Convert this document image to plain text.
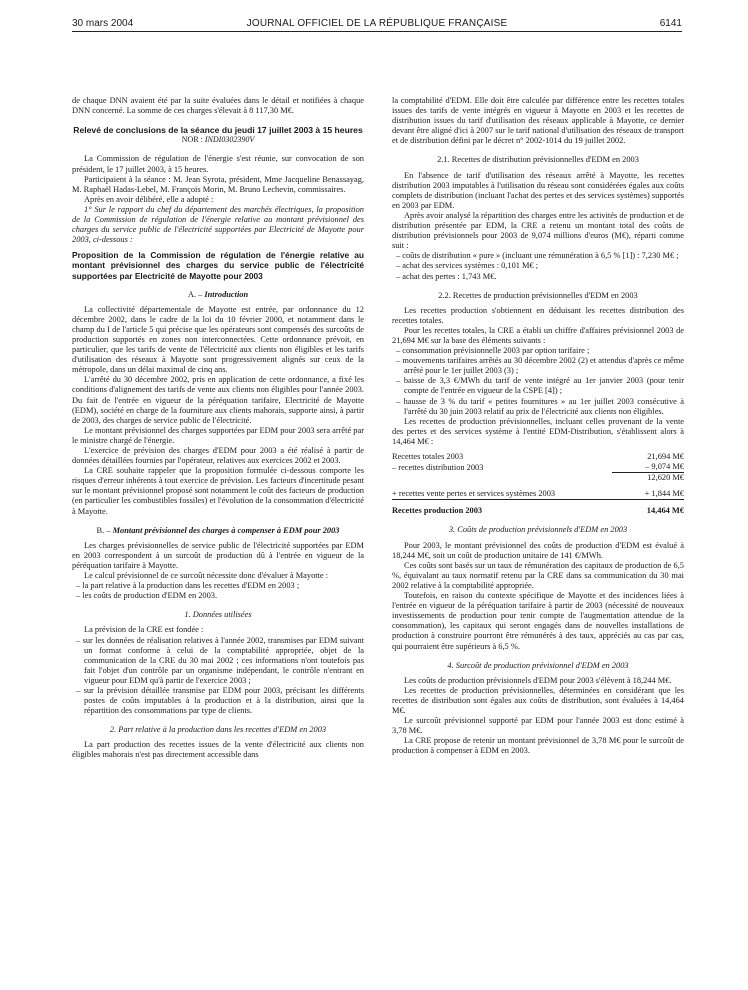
30 mars 2004	JOURNAL OFFICIEL DE LA RÉPUBLIQUE FRANÇAISE	6141

de chaque DNN avaient été par la suite évaluées dans le détail et notifiées à chaque DNN concerné. La somme de ces charges s'élevait à 8 117,30 M€.

Relevé de conclusions de la séance du jeudi 17 juillet 2003 à 15 heures
NOR : INDI0302390V

La Commission de régulation de l'énergie s'est réunie, sur convocation de son président, le 17 juillet 2003, à 15 heures.

Participaient à la séance : M. Jean Syrota, président, Mme Jacqueline Benassayag, M. Raphaël Hadas-Lebel, M. François Morin, M. Bruno Lechevin, commissaires.

Après en avoir délibéré, elle a adopté :

1° Sur le rapport du chef du département des marchés électriques, la proposition de la Commission de régulation de l'énergie relative au montant prévisionnel des charges du service public de l'électricité supportées par Electricité de Mayotte pour 2003, ci-dessous :

Proposition de la Commission de régulation de l'énergie relative au montant prévisionnel des charges du service public de l'électricité supportées par Electricité de Mayotte pour 2003

A. – Introduction

La collectivité départementale de Mayotte est entrée, par ordonnance du 12 décembre 2002, dans le cadre de la loi du 10 février 2000, et notamment dans le champ du I de l'article 5 qui précise que les opérateurs sont compensés des surcoûts de production supportés en zones non interconnectées. Cette ordonnance prévoit, en particulier, que les tarifs de vente de l'électricité aux clients non éligibles et les tarifs d'utilisation des réseaux à Mayotte sont progressivement alignés sur ceux de la métropole, dans un délai maximal de cinq ans.

L'arrêté du 30 décembre 2002, pris en application de cette ordonnance, a fixé les conditions d'alignement des tarifs de vente aux clients non éligibles pour l'année 2003. Du fait de l'entrée en vigueur de la péréquation tarifaire, Electricité de Mayotte (EDM), société en charge de la fourniture aux clients mahorais, supporte ainsi, à partir de 2003, des charges de service public de l'électricité.

Le montant prévisionnel des charges supportées par EDM pour 2003 sera arrêté par le ministre chargé de l'énergie.

L'exercice de prévision des charges d'EDM pour 2003 a été réalisé à partir de données détaillées fournies par l'opérateur, relatives aux exercices 2002 et 2003.

La CRE souhaite rappeler que la proposition formulée ci-dessous comporte les risques d'erreur inhérents à tout exercice de prévision. Les facteurs d'incertitude pesant sur le montant prévisionnel proposé sont notamment le coût des facteurs de production (en particulier les combustibles fossiles) et l'évolution de la consommation d'électricité à Mayotte.

B. – Montant prévisionnel des charges à compenser à EDM pour 2003

Les charges prévisionnelles de service public de l'électricité supportées par EDM en 2003 correspondent à un surcoût de production dû à l'entrée en vigueur de la péréquation tarifaire à Mayotte.

Le calcul prévisionnel de ce surcoût nécessite donc d'évaluer à Mayotte :

– la part relative à la production dans les recettes d'EDM en 2003 ;
– les coûts de production d'EDM en 2003.

1. Données utilisées

La prévision de la CRE est fondée :

– sur les données de réalisation relatives à l'année 2002, transmises par EDM suivant un format conforme à celui de la comptabilité appropriée, objet de la communication de la CRE du 30 mai 2002 ; ces informations n'ont toutefois pas fait l'objet d'un contrôle par un organisme indépendant, le contrôle n'entrant en vigueur pour EDM qu'à partir de l'exercice 2003 ;
– sur la prévision détaillée transmise par EDM pour 2003, précisant les différents postes de coûts imputables à la production et à la distribution, ainsi que la répartition des consommations par type de clients.

2. Part relative à la production dans les recettes d'EDM en 2003

La part production des recettes issues de la vente d'électricité aux clients non éligibles mahorais n'est pas directement accessible dans

la comptabilité d'EDM. Elle doit être calculée par différence entre les recettes totales issues des tarifs de vente intégrés en vigueur à Mayotte en 2003 et les recettes de distribution issues du tarif d'utilisation des réseaux applicable à Mayotte, ce dernier devant être aligné d'ici à 2007 sur le tarif national d'utilisation des réseaux de transport et de distribution défini par le décret n° 2002-1014 du 19 juillet 2002.

2.1. Recettes de distribution prévisionnelles d'EDM en 2003

En l'absence de tarif d'utilisation des réseaux arrêté à Mayotte, les recettes distribution 2003 imputables à l'utilisation du réseau sont considérées égales aux coûts complets de distribution (incluant l'achat des pertes et des services systèmes) supportés en 2003 par EDM.

Après avoir analysé la répartition des charges entre les activités de production et de distribution présentée par EDM, la CRE a retenu un montant total des coûts de distribution prévisionnels pour 2003 de 9,074 millions d'euros (M€), réparti comme suit :

– coûts de distribution « pure » (incluant une rémunération à 6,5 % [1]) : 7,230 M€ ;
– achat des services systèmes : 0,101 M€ ;
– achat des pertes : 1,743 M€.

2.2. Recettes de production prévisionnelles d'EDM en 2003

Les recettes production s'obtiennent en déduisant les recettes distribution des recettes totales.

Pour les recettes totales, la CRE a établi un chiffre d'affaires prévisionnel 2003 de 21,694 M€ sur la base des éléments suivants :

– consommation prévisionnelle 2003 par option tarifaire ;
– mouvements tarifaires arrêtés au 30 décembre 2002 (2) et attendus d'après ce même arrêté pour le 1er juillet 2003 (3) ;
– baisse de 3,3 €/MWh du tarif de vente intégré au 1er janvier 2003 (pour tenir compte de l'entrée en vigueur de la CSPE [4]) ;
– hausse de 3 % du tarif « petites fournitures » au 1er juillet 2003 consécutive à l'arrêté du 30 juin 2003 relatif au prix de l'électricité aux clients non éligibles.

Les recettes de production prévisionnelles, incluant celles provenant de la vente des pertes et des services système à l'entité EDM-Distribution, s'établissent alors à 14,464 M€ :

Recettes totales 2003	21,694 M€
– recettes distribution 2003	– 9,074 M€
	12,620 M€
+ recettes vente pertes et services systèmes 2003	+ 1,844 M€
Recettes production 2003	14,464 M€

3. Coûts de production prévisionnels d'EDM en 2003

Pour 2003, le montant prévisionnel des coûts de production d'EDM est évalué à 18,244 M€, soit un coût de production unitaire de 141 €/MWh.

Ces coûts sont basés sur un taux de rémunération des capitaux de production de 6,5 %, équivalant au taux normatif retenu par la CRE dans sa communication du 30 mai 2002 relative à la comptabilité appropriée.

Toutefois, en raison du contexte spécifique de Mayotte et des incidences liées à l'entrée en vigueur de la péréquation tarifaire à partir de 2003 (nécessité de nouveaux investissements de production pour tenir compte de l'augmentation attendue de la consommation), les capitaux qui seront engagés dans de nouvelles installations de production à construire pourront être rémunérés à des taux, appréciés au cas par cas, qui pourraient être supérieurs à 6,5 %.

4. Surcoût de production prévisionnel d'EDM en 2003

Les coûts de production prévisionnels d'EDM pour 2003 s'élèvent à 18,244 M€.

Les recettes de production prévisionnelles, déterminées en considérant que les recettes de distribution sont égales aux coûts de distribution, sont évaluées à 14,464 M€.

Le surcoût prévisionnel supporté par EDM pour l'année 2003 est donc estimé à 3,78 M€.

La CRE propose de retenir un montant prévisionnel de 3,78 M€ pour le surcoût de production à compenser à EDM en 2003.
